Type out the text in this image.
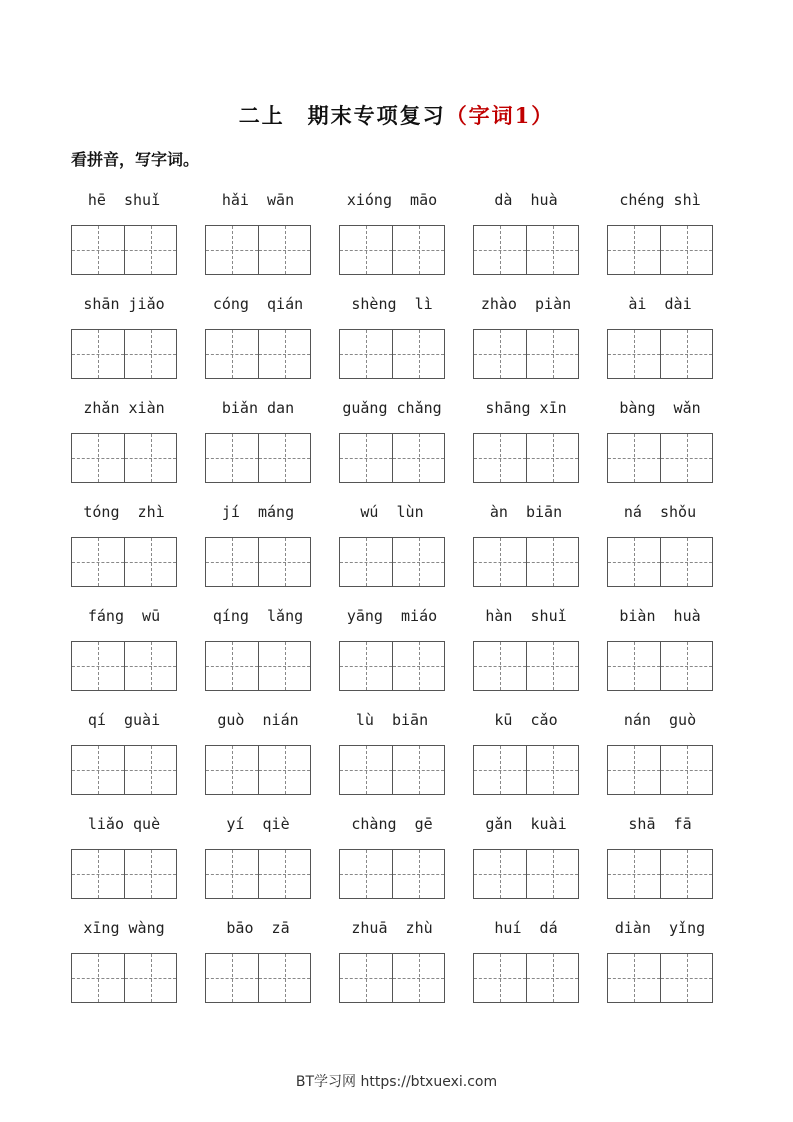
二上　期末专项复习（字词1）
看拼音，写字词。
hē  shuǐ	hǎi  wān	xióng  māo	dà  huà	chéng shì
shān jiǎo	cóng  qián	shèng  lì	zhào  piàn	ài  dài
zhǎn xiàn	biǎn dan	guǎng chǎng	shāng xīn	bàng  wǎn
tóng  zhì	jí  máng	wú  lùn	àn  biān	ná  shǒu
fáng  wū	qíng  lǎng	yāng  miáo	hàn  shuǐ	biàn  huà
qí  guài	guò  nián	lù  biān	kū  cǎo	nán  guò
liǎo què	yí  qiè	chàng  gē	gǎn  kuài	shā  fā
xīng wàng	bāo  zā	zhuā  zhù	huí  dá	diàn  yǐng
BT学习网 https://btxuexi.com
